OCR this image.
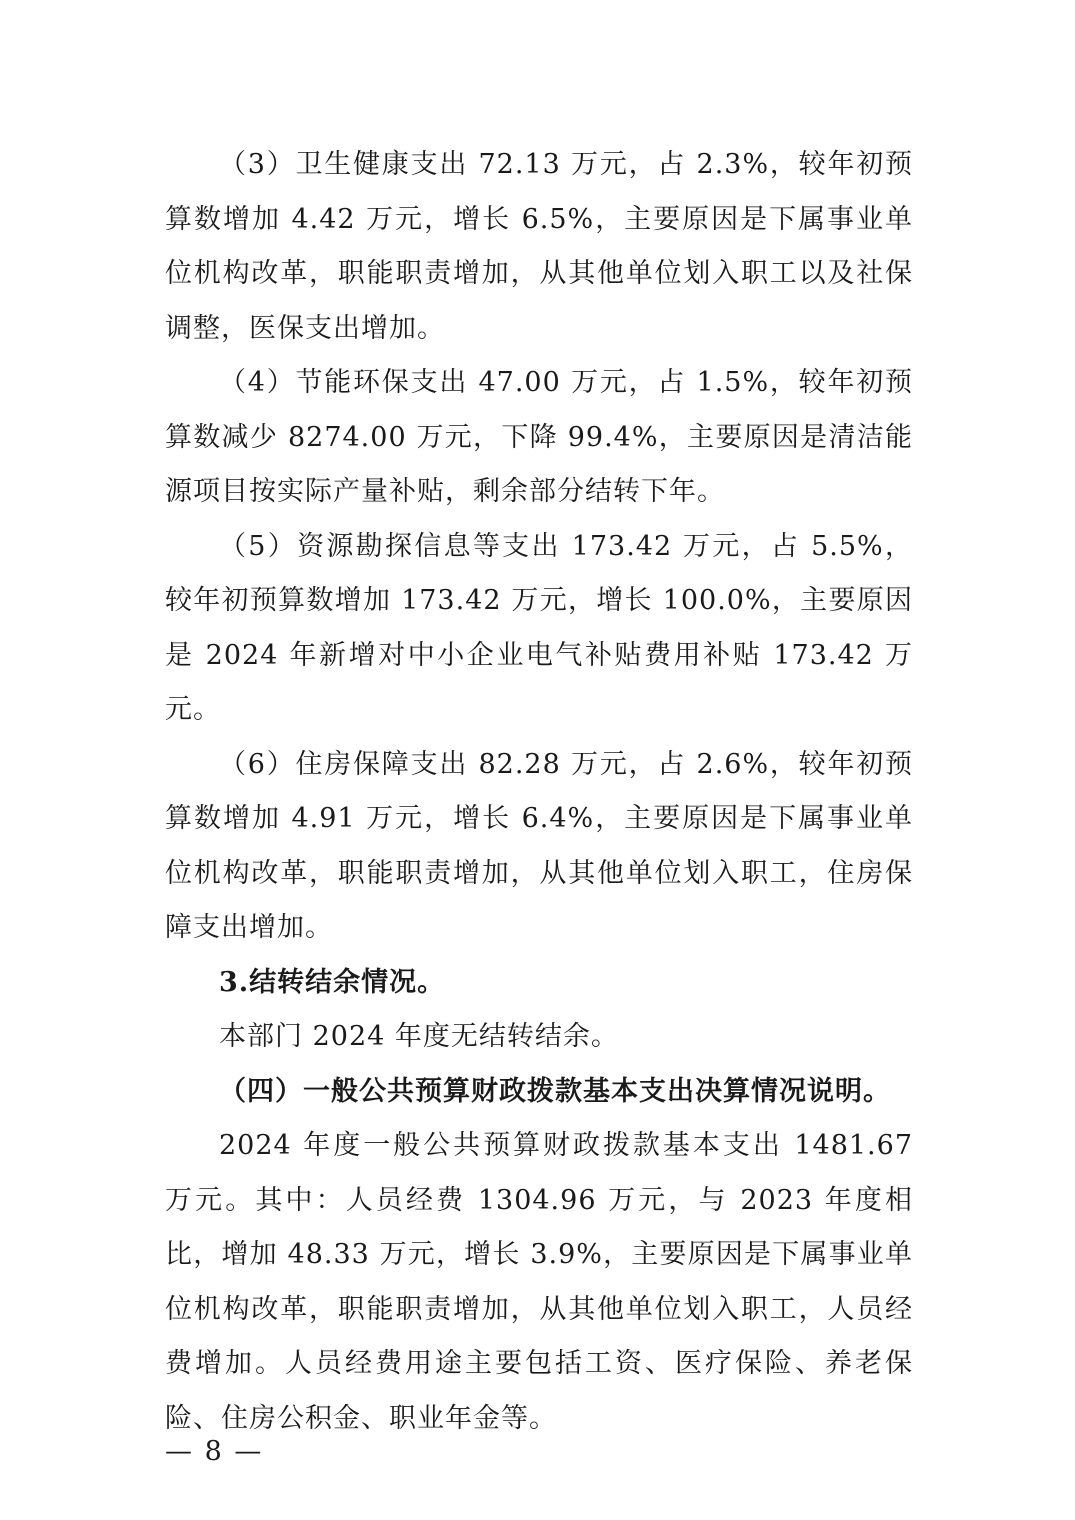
（3）卫生健康支出 72.13 万元，占 2.3%，较年初预算数增加 4.42 万元，增长 6.5%，主要原因是下属事业单位机构改革，职能职责增加，从其他单位划入职工以及社保调整，医保支出增加。

（4）节能环保支出 47.00 万元，占 1.5%，较年初预算数减少 8274.00 万元，下降 99.4%，主要原因是清洁能源项目按实际产量补贴，剩余部分结转下年。

（5）资源勘探信息等支出 173.42 万元，占 5.5%，较年初预算数增加 173.42 万元，增长 100.0%，主要原因是 2024 年新增对中小企业电气补贴费用补贴 173.42 万元。

（6）住房保障支出 82.28 万元，占 2.6%，较年初预算数增加 4.91 万元，增长 6.4%，主要原因是下属事业单位机构改革，职能职责增加，从其他单位划入职工，住房保障支出增加。

3.结转结余情况。

本部门 2024 年度无结转结余。

（四）一般公共预算财政拨款基本支出决算情况说明。

2024 年度一般公共预算财政拨款基本支出 1481.67 万元。其中：人员经费 1304.96 万元，与 2023 年度相比，增加 48.33 万元，增长 3.9%，主要原因是下属事业单位机构改革，职能职责增加，从其他单位划入职工，人员经费增加。人员经费用途主要包括工资、医疗保险、养老保险、住房公积金、职业年金等。

— 8 —
